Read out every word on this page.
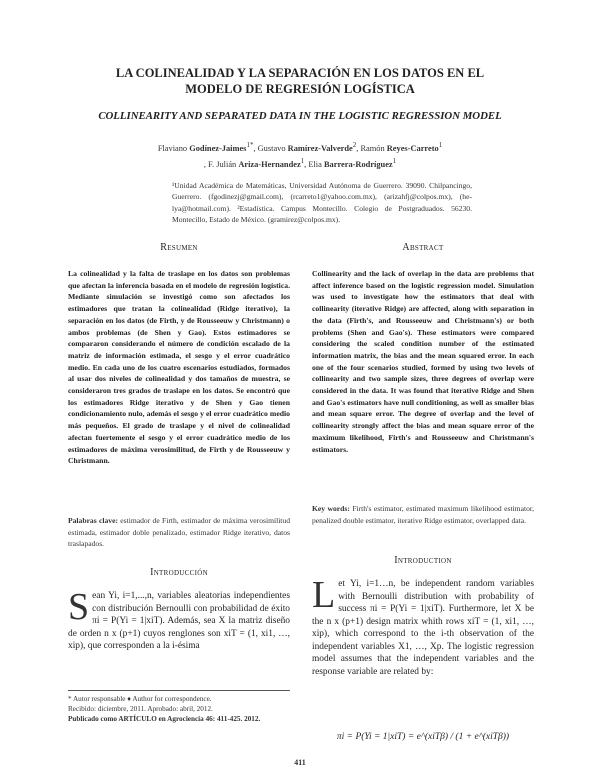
LA COLINEALIDAD Y LA SEPARACIÓN EN LOS DATOS EN EL
MODELO DE REGRESIÓN LOGÍSTICA
COLLINEARITY AND SEPARATED DATA IN THE LOGISTIC REGRESSION MODEL
Flaviano Godínez-Jaimes$^{1*}$, Gustavo Ramírez-Valverde$^2$, Ramón Reyes-Carreto$^1$
, F. Julián Ariza-Hernandez$^1$, Elia Barrera-Rodríguez$^1$
¹Unidad Académica de Matemáticas, Universidad Autónoma de Guerrero. 39090. Chilpancingo, Guerrero. (fgodinezj@gmail.com), (rcarreto1@yahoo.com.mx), (arizahfj@colpos.mx), (he-lya@hotmail.com). ²Estadística. Campus Montecillo. Colegio de Postgraduados. 56230. Montecillo, Estado de México. (gramirez@colpos.mx).
Resumen	Abstract
La colinealidad y la falta de traslape en los datos son problemas que afectan la inferencia basada en el modelo de regresión logística. Mediante simulación se investigó como son afectados los estimadores que tratan la colinealidad (Ridge iterativo), la separación en los datos (de Firth, y de Rousseeuw y Christmann) o ambos problemas (de Shen y Gao). Estos estimadores se compararon considerando el número de condición escalado de la matriz de información estimada, el sesgo y el error cuadrático medio. En cada uno de los cuatro escenarios estudiados, formados al usar dos niveles de colinealidad y dos tamaños de muestra, se consideraron tres grados de traslape en los datos. Se encontró que los estimadores Ridge iterativo y de Shen y Gao tienen condicionamiento nulo, además el sesgo y el error cuadrático medio más pequeños. El grado de traslape y el nivel de colinealidad afectan fuertemente el sesgo y el error cuadrático medio de los estimadores de máxima verosimilitud, de Firth y de Rousseeuw y Christmann.
Palabras clave: estimador de Firth, estimador de máxima verosimilitud estimada, estimador doble penalizado, estimador Ridge iterativo, datos traslapados.
Collinearity and the lack of overlap in the data are problems that affect inference based on the logistic regression model. Simulation was used to investigate how the estimators that deal with collinearity (iterative Ridge) are affected, along with separation in the data (Firth's, and Rousseeuw and Christmann's) or both problems (Shen and Gao's). These estimators were compared considering the scaled condition number of the estimated information matrix, the bias and the mean squared error. In each one of the four scenarios studied, formed by using two levels of collinearity and two sample sizes, three degrees of overlap were considered in the data. It was found that iterative Ridge and Shen and Gao's estimators have null conditioning, as well as smaller bias and mean square error. The degree of overlap and the level of collinearity strongly affect the bias and mean square error of the maximum likelihood, Firth's and Rousseeuw and Christmann's estimators.
Key words: Firth's estimator, estimated maximum likelihood estimator, penalized double estimator, iterative Ridge estimator, overlapped data.
Introducción
Introduction
Sean Yi, i=1,...,n, variables aleatorias independientes con distribución Bernoulli con probabilidad de éxito πi = P(Yi = 1|xiT). Además, sea X la matriz diseño de orden n x (p+1) cuyos renglones son xiT = (1, xi1, …, xip), que corresponden a la i-ésima
Let Yi, i=1…n, be independent random variables with Bernoulli distribution with probability of success πi = P(Yi = 1|xiT). Furthermore, let X be the n x (p+1) design matrix whith rows xiT = (1, xi1, …, xip), which correspond to the i-th observation of the independent variables X1, …, Xp. The logistic regression model assumes that the independent variables and the response variable are related by:
πi = P(Yi = 1|xiT) = e^(xiTβ) / (1 + e^(xiTβ))
* Autor responsable ♦ Author for correspondence.
Recibido: diciembre, 2011. Aprobado: abril, 2012.
Publicado como ARTÍCULO en Agrociencia 46: 411-425. 2012.
411
